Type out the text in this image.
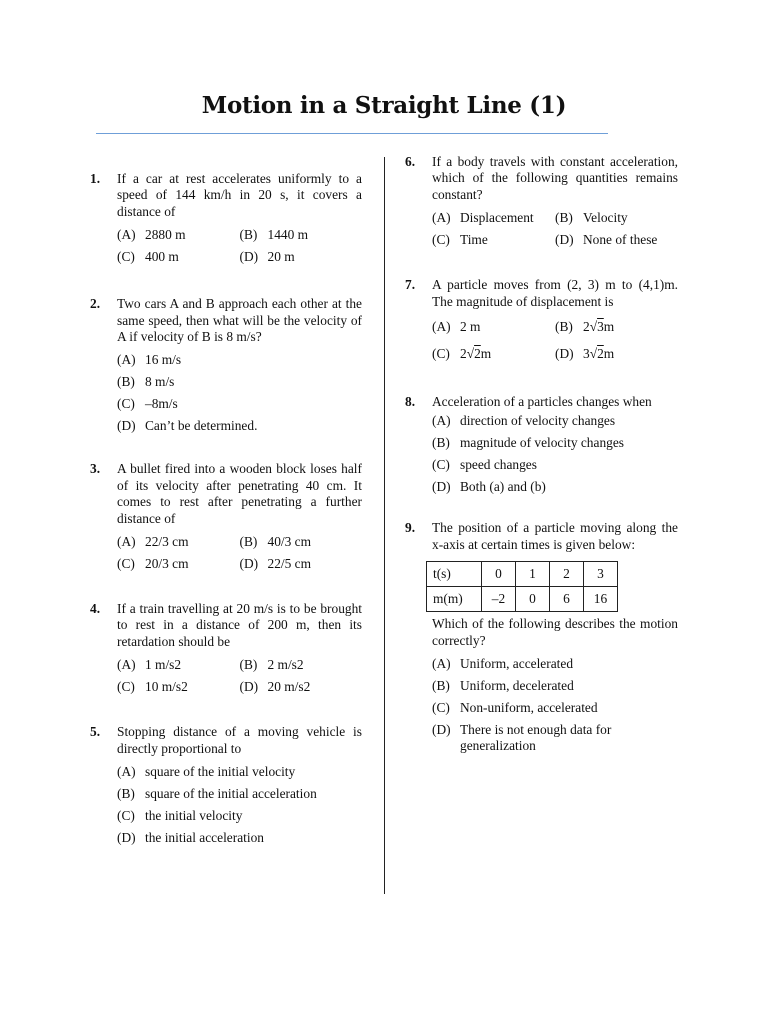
Motion in a Straight Line (1)
1. If a car at rest accelerates uniformly to a speed of 144 km/h in 20 s, it covers a distance of
(A) 2880 m	(B) 1440 m
(C) 400 m	(D) 20 m
2. Two cars A and B approach each other at the same speed, then what will be the velocity of A if velocity of B is 8 m/s?
(A) 16 m/s
(B) 8 m/s
(C) –8m/s
(D) Can’t be determined.
3. A bullet fired into a wooden block loses half of its velocity after penetrating 40 cm. It comes to rest after penetrating a further distance of
(A) 22/3 cm	(B) 40/3 cm
(C) 20/3 cm	(D) 22/5 cm
4. If a train travelling at 20 m/s is to be brought to rest in a distance of 200 m, then its retardation should be
(A) 1 m/s2	(B) 2 m/s2
(C) 10 m/s2	(D) 20 m/s2
5. Stopping distance of a moving vehicle is directly proportional to
(A) square of the initial velocity
(B) square of the initial acceleration
(C) the initial velocity
(D) the initial acceleration
6. If a body travels with constant acceleration, which of the following quantities remains constant?
(A) Displacement	(B) Velocity
(C) Time	(D) None of these
7. A particle moves from (2, 3) m to (4,1)m. The magnitude of displacement is
(A) 2 m	(B) 2√3m
(C) 2√2m	(D) 3√2m
8. Acceleration of a particles changes when
(A) direction of velocity changes
(B) magnitude of velocity changes
(C) speed changes
(D) Both (a) and (b)
9. The position of a particle moving along the x-axis at certain times is given below:
t(s)	0	1	2	3
m(m)	–2	0	6	16
Which of the following describes the motion correctly?
(A) Uniform, accelerated
(B) Uniform, decelerated
(C) Non-uniform, accelerated
(D) There is not enough data for generalization
